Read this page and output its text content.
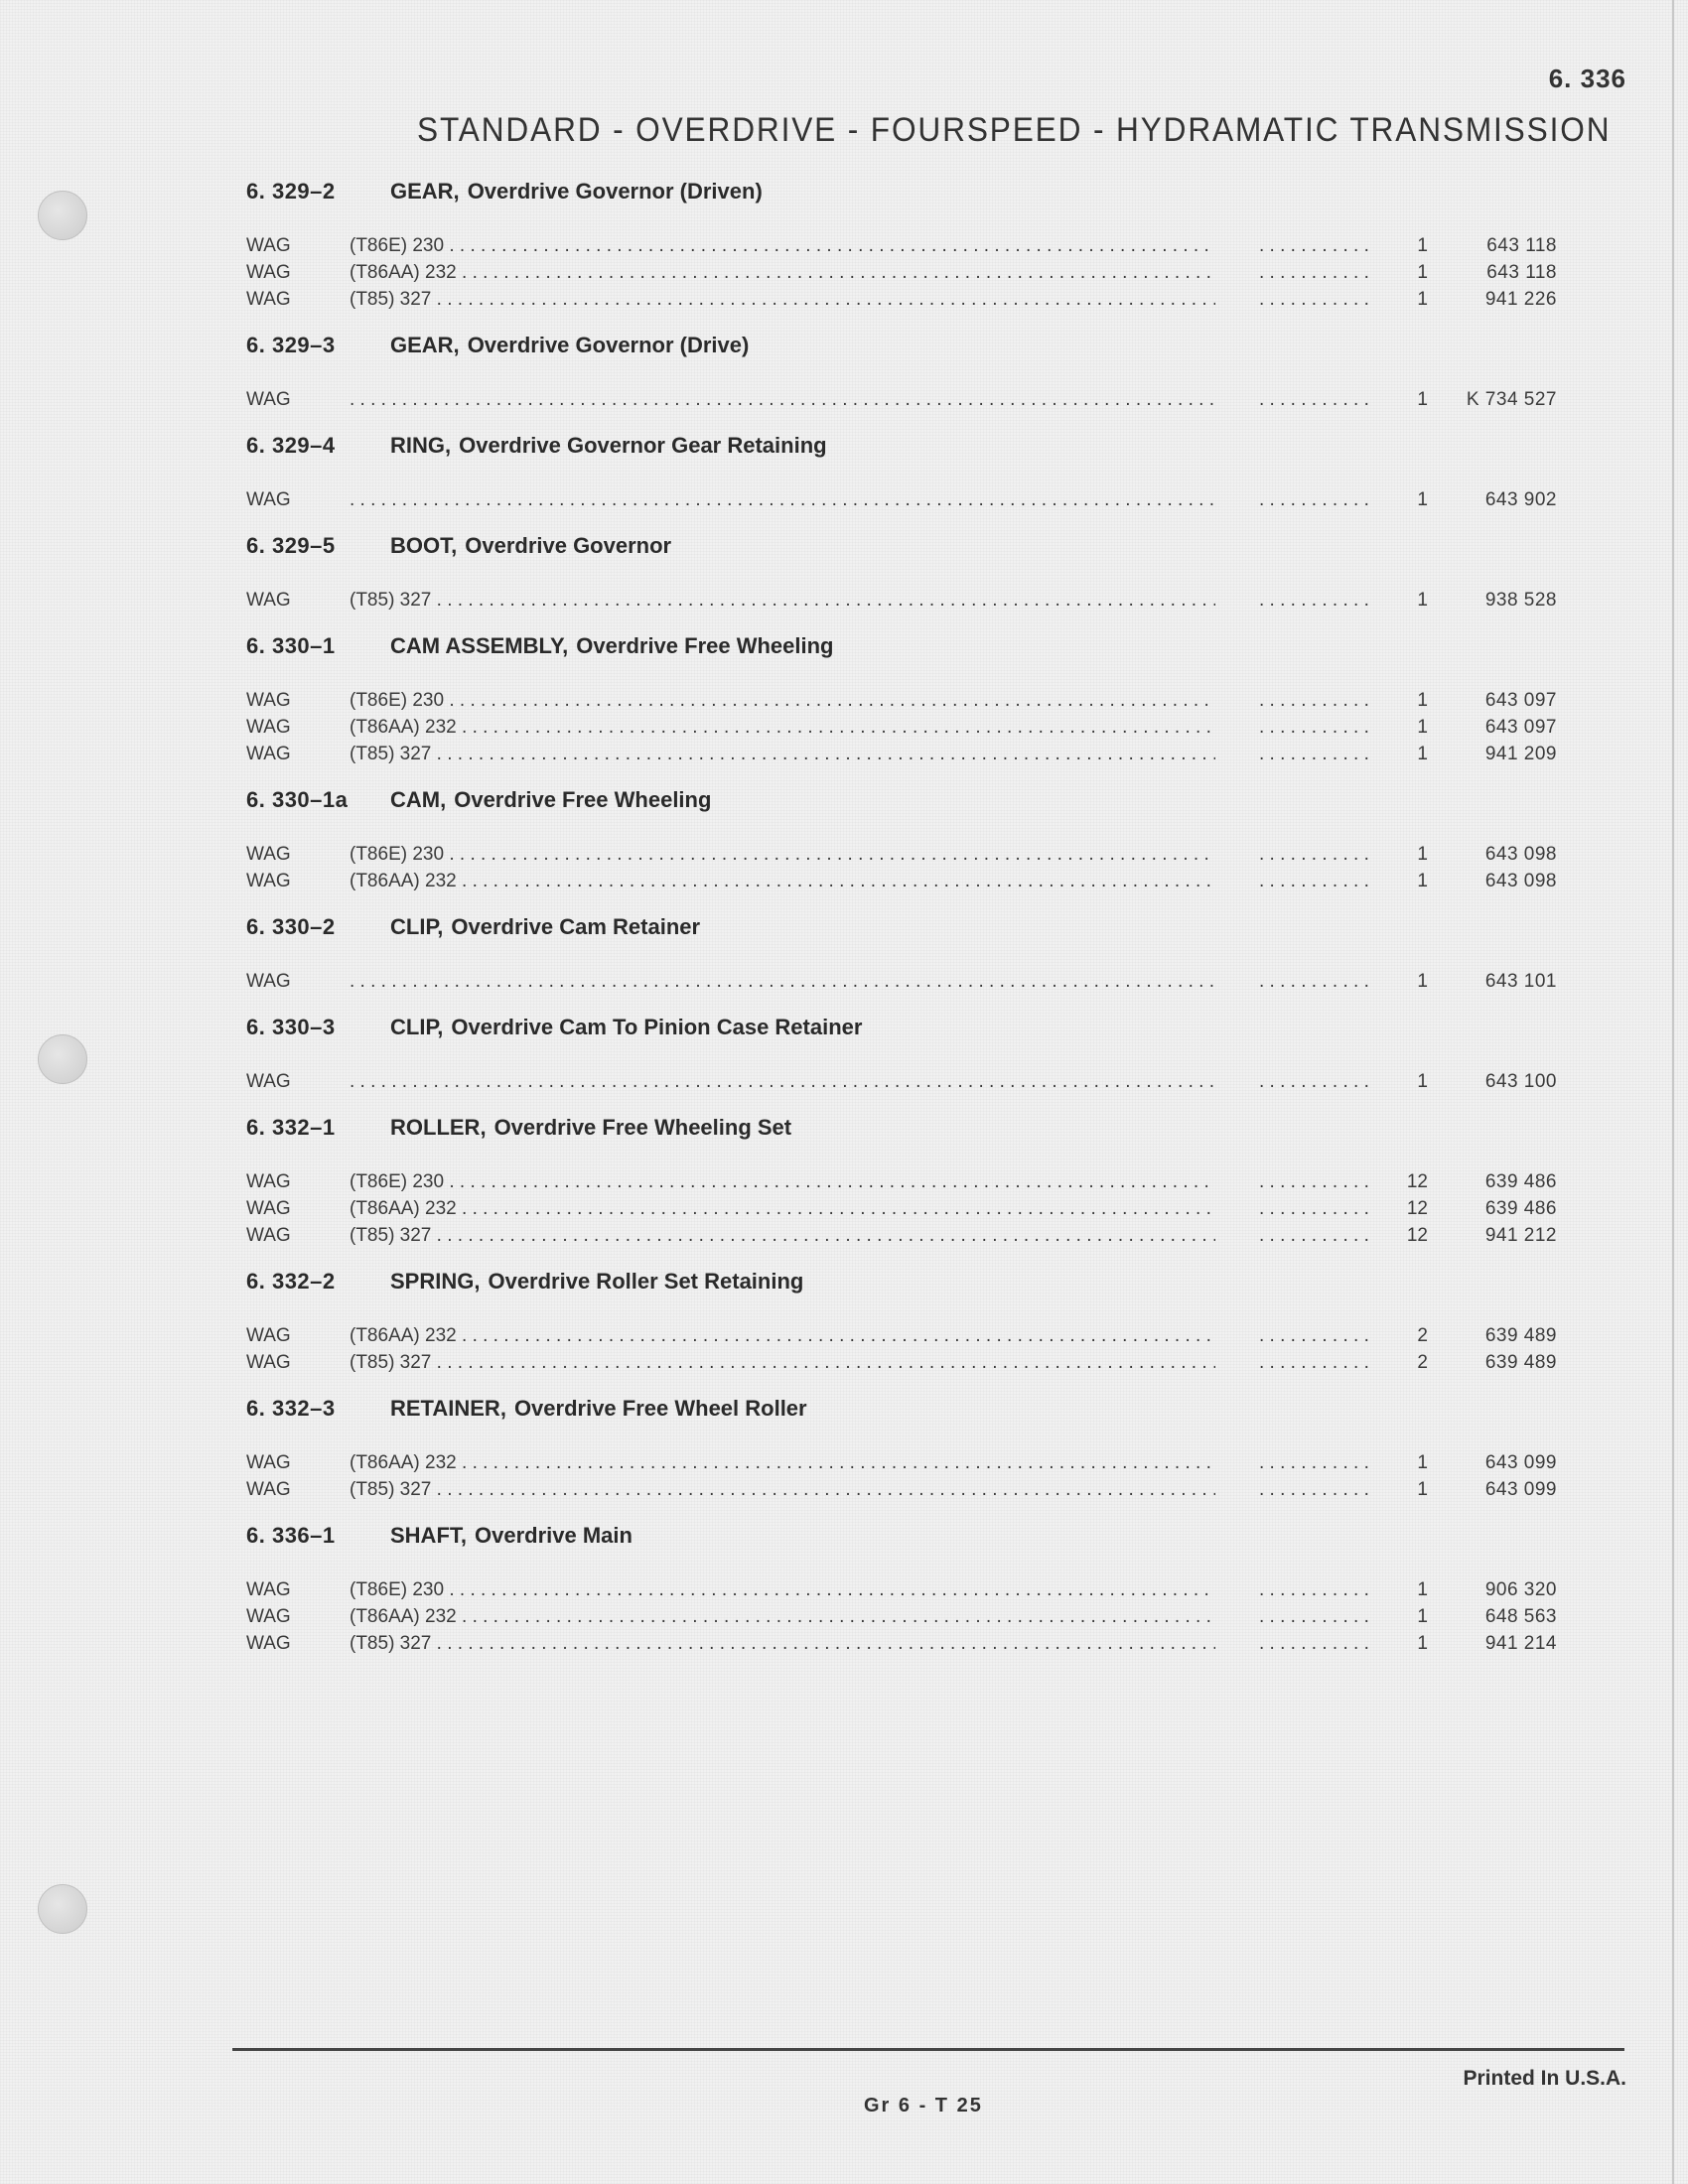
6. 336
STANDARD - OVERDRIVE - FOURSPEED - HYDRAMATIC TRANSMISSION
6. 329–2	GEAR, Overdrive Governor (Driven)
WAG	(T86E) 230 . . . . . .	1	643 118
WAG	(T86AA) 232 . . . . . .	1	643 118
WAG	(T85) 327 . . . . . .	1	941 226
6. 329–3	GEAR, Overdrive Governor (Drive)
WAG . . . . . .	1	K 734 527
6. 329–4	RING, Overdrive Governor Gear Retaining
WAG . . . . . .	1	643 902
6. 329–5	BOOT, Overdrive Governor
WAG	(T85) 327 . . . . . .	1	938 528
6. 330–1	CAM ASSEMBLY, Overdrive Free Wheeling
WAG	(T86E) 230 . . . . . .	1	643 097
WAG	(T86AA) 232 . . . . . .	1	643 097
WAG	(T85) 327 . . . . . .	1	941 209
6. 330–1a	CAM, Overdrive Free Wheeling
WAG	(T86E) 230 . . . . . .	1	643 098
WAG	(T86AA) 232 . . . . . .	1	643 098
6. 330–2	CLIP, Overdrive Cam Retainer
WAG . . . . . .	1	643 101
6. 330–3	CLIP, Overdrive Cam To Pinion Case Retainer
WAG . . . . . .	1	643 100
6. 332–1	ROLLER, Overdrive Free Wheeling Set
WAG	(T86E) 230 . . . . . .	12	639 486
WAG	(T86AA) 232 . . . . . .	12	639 486
WAG	(T85) 327 . . . . . .	12	941 212
6. 332–2	SPRING, Overdrive Roller Set Retaining
WAG	(T86AA) 232 . . . . . .	2	639 489
WAG	(T85) 327 . . . . . .	2	639 489
6. 332–3	RETAINER, Overdrive Free Wheel Roller
WAG	(T86AA) 232 . . . . . .	1	643 099
WAG	(T85) 327 . . . . . .	1	643 099
6. 336–1	SHAFT, Overdrive Main
WAG	(T86E) 230 . . . . . .	1	906 320
WAG	(T86AA) 232 . . . . . .	1	648 563
WAG	(T85) 327 . . . . . .	1	941 214
Printed In U.S.A.
Gr 6 - T 25
